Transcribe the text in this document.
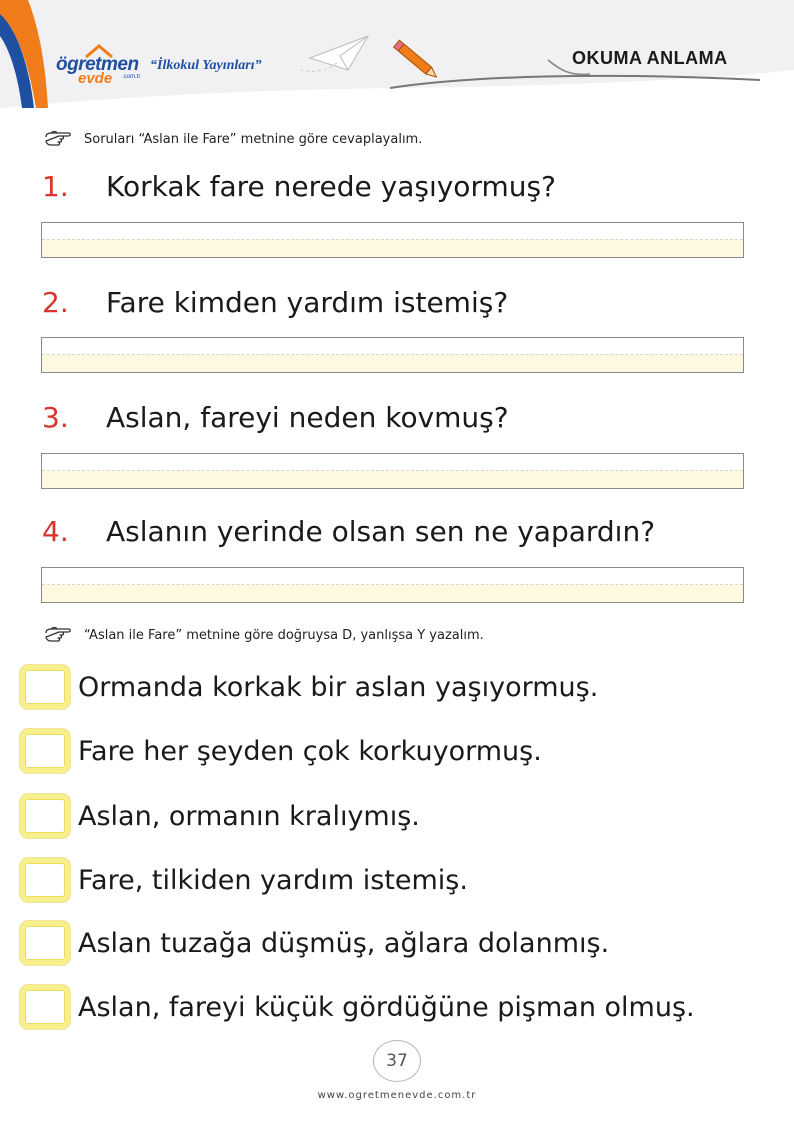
ögretmen
evde .com.tr
“İlkokul Yayınları”	OKUMA ANLAMA
Soruları “Aslan ile Fare” metnine göre cevaplayalım.
1.	Korkak fare nerede yaşıyormuş?
2.	Fare kimden yardım istemiş?
3.	Aslan, fareyi neden kovmuş?
4.	Aslanın yerinde olsan sen ne yapardın?
“Aslan ile Fare” metnine göre doğruysa D, yanlışsa Y yazalım.
Ormanda korkak bir aslan yaşıyormuş.
Fare her şeyden çok korkuyormuş.
Aslan, ormanın kralıymış.
Fare, tilkiden yardım istemiş.
Aslan tuzağa düşmüş, ağlara dolanmış.
Aslan, fareyi küçük gördüğüne pişman olmuş.
37
www.ogretmenevde.com.tr
